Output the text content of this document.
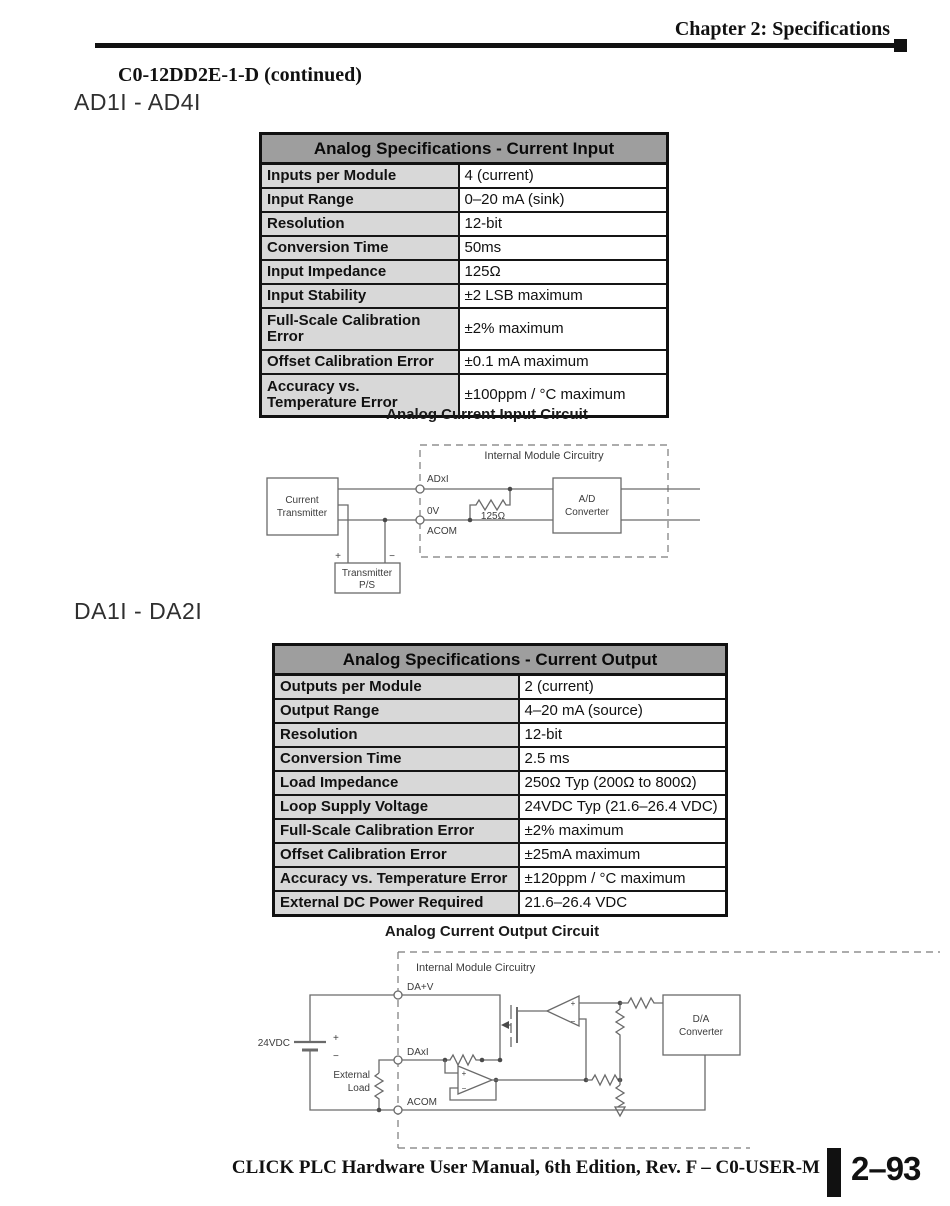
Chapter 2: Specifications
C0-12DD2E-1-D (continued)
AD1I - AD4I
Analog Specifications - Current Input	
Inputs per Module	4 (current)
Input Range	0–20 mA (sink)
Resolution	12-bit
Conversion Time	50ms
Input Impedance	125Ω
Input Stability	±2 LSB maximum
Full-Scale Calibration Error	±2% maximum
Offset Calibration Error	±0.1 mA maximum
Accuracy vs. Temperature Error	±100ppm / °C maximum
Analog Current Input Circuit
Internal Module Circuitry
125Ω
ADxI
0V
ACOM
Current
Transmitter
A/D
Converter
Transmitter
P/S
+	−
DA1I - DA2I
Analog Specifications - Current Output	
Outputs per Module	2 (current)
Output Range	4–20 mA (source)
Resolution	12-bit
Conversion Time	2.5 ms
Load Impedance	250Ω Typ (200Ω to 800Ω)
Loop Supply Voltage	24VDC Typ (21.6–26.4 VDC)
Full-Scale Calibration Error	±2% maximum
Offset Calibration Error	±25mA maximum
Accuracy vs. Temperature Error	±120ppm / °C maximum
External DC Power Required	21.6–26.4 VDC
Analog Current Output Circuit
Internal Module Circuitry
24VDC	+
−
DA+V
DAxI
ACOM
External
Load
+
−
+
−
D/A
Converter
CLICK PLC Hardware User Manual, 6th Edition, Rev. F – C0-USER-M 2–93
